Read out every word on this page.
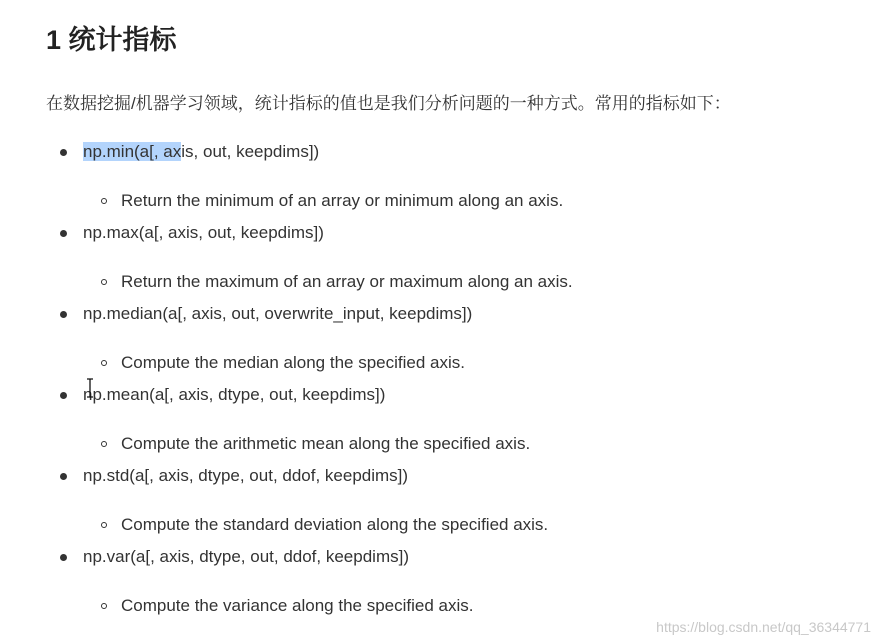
1 统计指标

在数据挖掘/机器学习领域，统计指标的值也是我们分析问题的一种方式。常用的指标如下：

np.min(a[, axis, out, keepdims])
Return the minimum of an array or minimum along an axis.
np.max(a[, axis, out, keepdims])
Return the maximum of an array or maximum along an axis.
np.median(a[, axis, out, overwrite_input, keepdims])
Compute the median along the specified axis.
np.mean(a[, axis, dtype, out, keepdims])
Compute the arithmetic mean along the specified axis.
np.std(a[, axis, dtype, out, ddof, keepdims])
Compute the standard deviation along the specified axis.
np.var(a[, axis, dtype, out, ddof, keepdims])
Compute the variance along the specified axis.
https://blog.csdn.net/qq_36344771
